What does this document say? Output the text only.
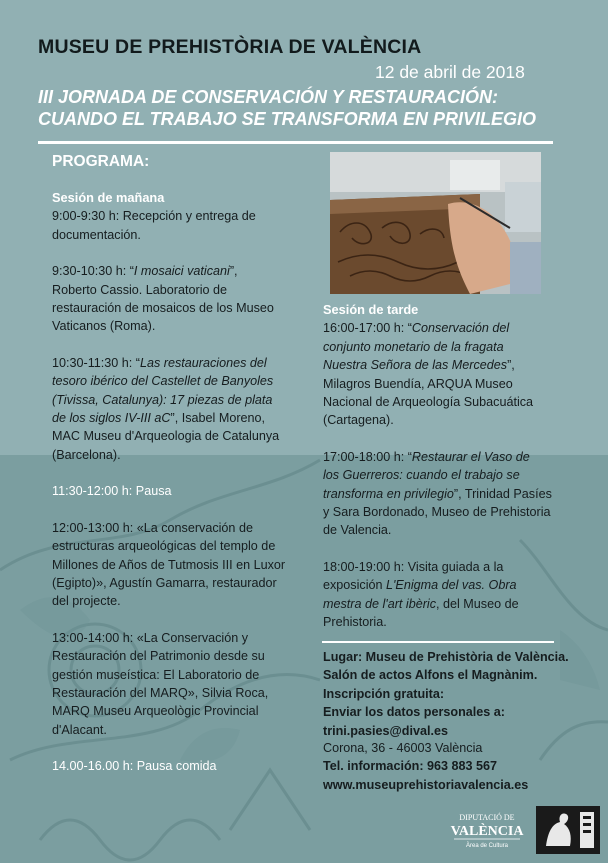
MUSEU DE PREHISTÒRIA DE VALÈNCIA
12 de abril de 2018
III JORNADA DE CONSERVACIÓN Y RESTAURACIÓN:
CUANDO EL TRABAJO SE TRANSFORMA EN PRIVILEGIO
PROGRAMA:
Sesión de mañana
9:00-9:30 h: Recepción y entrega de
documentación.
9:30-10:30 h: “I mosaici vaticani”,
Roberto Cassio. Laboratorio de
restauración de mosaicos de los Museo
Vaticanos (Roma).
10:30-11:30 h: “Las restauraciones del
tesoro ibérico del Castellet de Banyoles
(Tivissa, Catalunya): 17 piezas de plata
de los siglos IV-III aC”, Isabel Moreno,
MAC Museu d'Arqueologia de Catalunya
(Barcelona).
11:30-12:00 h: Pausa
12:00-13:00 h: «La conservación de
estructuras arqueológicas del templo de
Millones de Años de Tutmosis III en Luxor
(Egipto)», Agustín Gamarra, restaurador
del projecte.
13:00-14:00 h: «La Conservación y
Restauración del Patrimonio desde su
gestión museística: El Laboratorio de
Restauración del MARQ», Silvia Roca,
MARQ Museu Arqueològic Provincial
d'Alacant.
14.00-16.00 h: Pausa comida
Sesión de tarde
16:00-17:00 h: “Conservación del
conjunto monetario de la fragata
Nuestra Señora de las Mercedes”,
Milagros Buendía, ARQUA Museo
Nacional de Arqueología Subacuática
(Cartagena).
17:00-18:00 h: “Restaurar el Vaso de
los Guerreros: cuando el trabajo se
transforma en privilegio”, Trinidad Pasíes
y Sara Bordonado, Museo de Prehistoria
de Valencia.
18:00-19:00 h: Visita guiada a la
exposición L'Enigma del vas. Obra
mestra de l'art ibèric, del Museo de
Prehistoria.
Lugar: Museu de Prehistòria de València.
Salón de actos Alfons el Magnànim.
Inscripción gratuita:
Enviar los datos personales a:
trini.pasies@dival.es
Corona, 36 - 46003 València
Tel. información: 963 883 567
www.museuprehistoriavalencia.es
DIPUTACIÓ DE
VALÈNCIA
Àrea de Cultura
